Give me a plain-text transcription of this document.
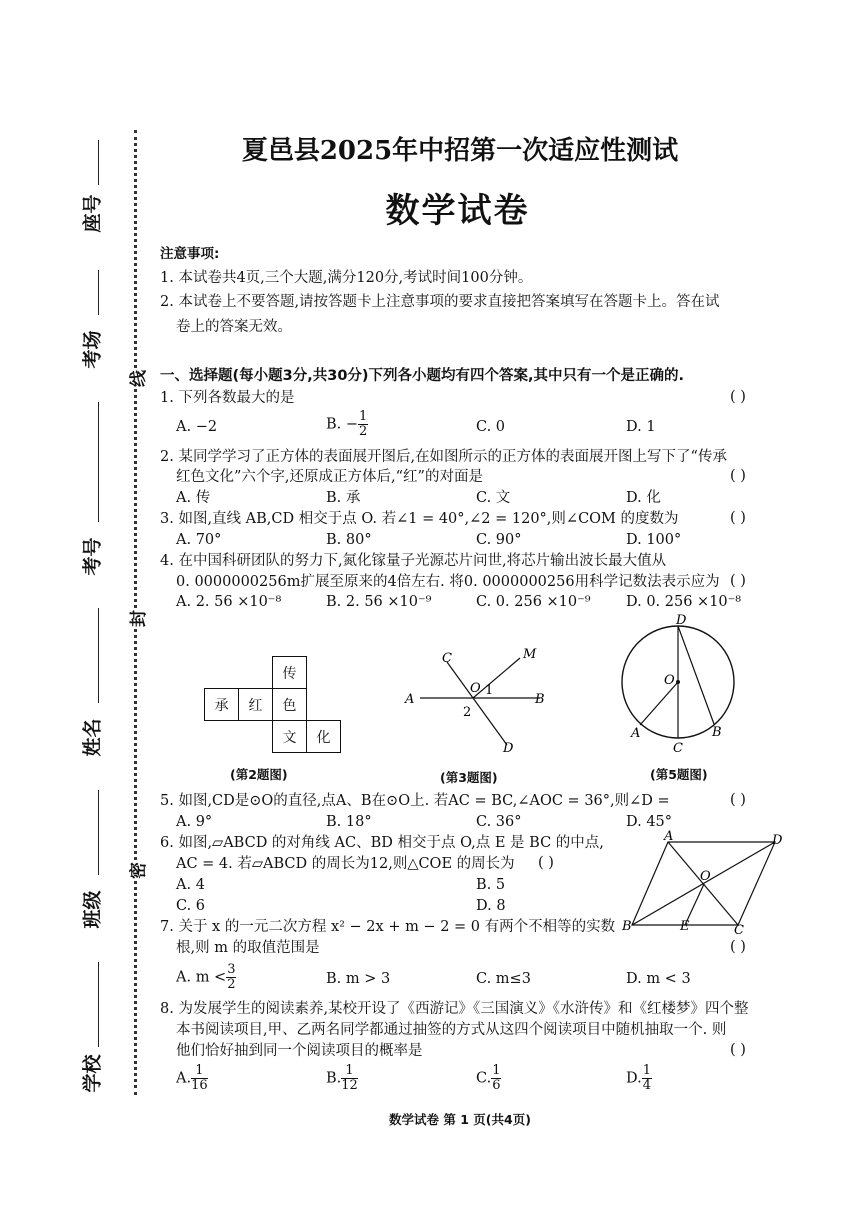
座号
考场
考号
姓名
班级
学校
线
封
密
夏邑县2025年中招第一次适应性测试
数学试卷
注意事项:
1. 本试卷共4页,三个大题,满分120分,考试时间100分钟。
2. 本试卷上不要答题,请按答题卡上注意事项的要求直接把答案填写在答题卡上。答在试
卷上的答案无效。
一、选择题(每小题3分,共30分)下列各小题均有四个答案,其中只有一个是正确的.
1. 下列各数最大的是	( )
A. −2	B. − $\frac{1}{2}$	C. 0	D. 1
2. 某同学学习了正方体的表面展开图后,在如图所示的正方体的表面展开图上写下了“传承
红色文化”六个字,还原成正方体后,“红”的对面是	( )
A. 传	B. 承	C. 文	D. 化
3. 如图,直线 AB,CD 相交于点 O. 若∠1 = 40°,∠2 = 120°,则∠COM 的度数为	( )
A. 70°	B. 80°	C. 90°	D. 100°
4. 在中国科研团队的努力下,氮化镓量子光源芯片问世,将芯片输出波长最大值从
0. 0000000256m扩展至原来的4倍左右. 将0. 0000000256用科学记数法表示应为 ( )
A. 2. 56 ×10⁻⁸	B. 2. 56 ×10⁻⁹	C. 0. 256 ×10⁻⁹ D. 0. 256 ×10⁻⁸
		传	
承	红	色	
		文	化
(第2题图)
C	M
O 1
A	B
2
D
(第3题图)
D
O
A
C
B
(第5题图)
5. 如图,CD是⊙O的直径,点A、B在⊙O上. 若AC = BC,∠AOC = 36°,则∠D =	( )
A. 9°	B. 18°	C. 36°	D. 45°
6. 如图,▱ABCD 的对角线 AC、BD 相交于点 O,点 E 是 BC 的中点,
AC = 4. 若▱ABCD 的周长为12,则△COE 的周长为 ( )
A. 4	B. 5
C. 6	D. 8
A	D
O
B	E	C
7. 关于 x 的一元二次方程 x² − 2x + m − 2 = 0 有两个不相等的实数
根,则 m 的取值范围是	( )
A. $m < \frac{3}{2}$	B. m > 3	C. m≤3	D. m < 3
8. 为发展学生的阅读素养,某校开设了《西游记》《三国演义》《水浒传》和《红楼梦》四个整
本书阅读项目,甲、乙两名同学都通过抽签的方式从这四个阅读项目中随机抽取一个. 则
他们恰好抽到同一个阅读项目的概率是	( )
A. $\frac{1}{16}$	B. $\frac{1}{12}$	C. $\frac{1}{6}$	D. $\frac{1}{4}$
数学试卷 第 1 页(共4页)
